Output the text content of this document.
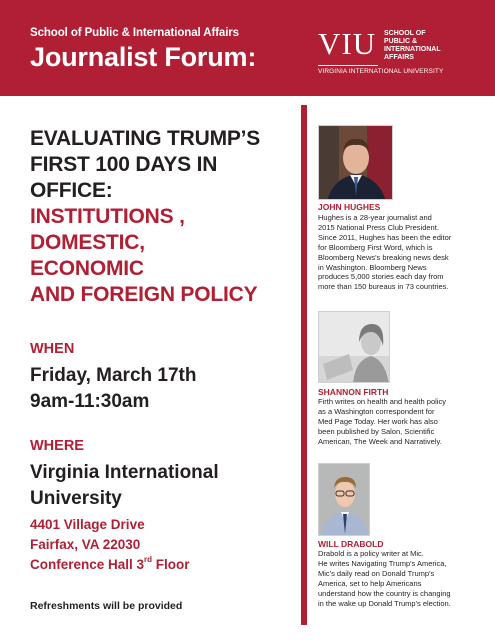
School of Public & International Affairs
Journalist Forum: VIU SCHOOL OF
PUBLIC &
INTERNATIONAL
AFFAIRS
VIRGINIA INTERNATIONAL UNIVERSITY
EVALUATING TRUMP’S
FIRST 100 DAYS IN
OFFICE:
INSTITUTIONS ,
DOMESTIC,
ECONOMIC
AND FOREIGN POLICY
WHEN
Friday, March 17th
9am-11:30am
WHERE
Virginia International
University
4401 Village Drive
Fairfax, VA 22030
Conference Hall 3rd Floor
Refreshments will be provided
JOHN HUGHES
Hughes is a 28-year journalist and
2015 National Press Club President.
Since 2011, Hughes has been the editor
for Bloomberg First Word, which is
Bloomberg News's breaking news desk
in Washington. Bloomberg News
produces 5,000 stories each day from
more than 150 bureaus in 73 countries.
SHANNON FIRTH
Firth writes on health and health policy
as a Washington correspondent for
Med Page Today. Her work has also
been published by Salon, Scientific
American, The Week and Narratively.
WILL DRABOLD
Drabold is a policy writer at Mic.
He writes Navigating Trump's America,
Mic's daily read on Donald Trump's
America, set to help Americans
understand how the country is changing
in the wake up Donald Trump's election.
